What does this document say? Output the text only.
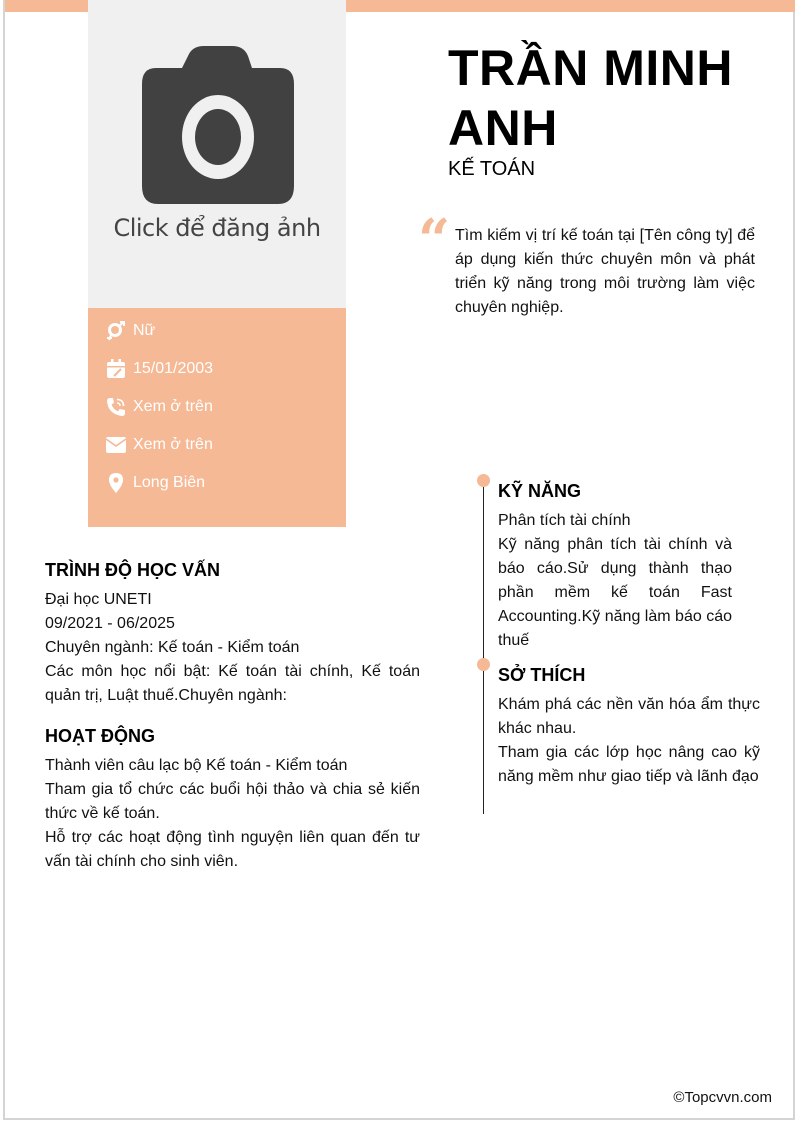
Click để đăng ảnh
Nữ
15/01/2003
Xem ở trên
Xem ở trên
Long Biên
TRẦN MINH
ANH
KẾ TOÁN
“ Tìm kiếm vị trí kế toán tại [Tên công ty] để áp dụng kiến thức chuyên môn và phát triển kỹ năng trong môi trường làm việc chuyên nghiệp.

TRÌNH ĐỘ HỌC VẤN

Đại học UNETI

09/2021 - 06/2025

Chuyên ngành: Kế toán - Kiểm toán

Các môn học nổi bật: Kế toán tài chính, Kế toán quản trị, Luật thuế.Chuyên ngành:

HOẠT ĐỘNG

Thành viên câu lạc bộ Kế toán - Kiểm toán

Tham gia tổ chức các buổi hội thảo và chia sẻ kiến thức về kế toán.

Hỗ trợ các hoạt động tình nguyện liên quan đến tư vấn tài chính cho sinh viên.

KỸ NĂNG

Phân tích tài chính

Kỹ năng phân tích tài chính và báo cáo.Sử dụng thành thạo phần mềm kế toán Fast Accounting.Kỹ năng làm báo cáo thuế

SỞ THÍCH

Khám phá các nền văn hóa ẩm thực khác nhau.

Tham gia các lớp học nâng cao kỹ năng mềm như giao tiếp và lãnh đạo

©Topcvvn.com
